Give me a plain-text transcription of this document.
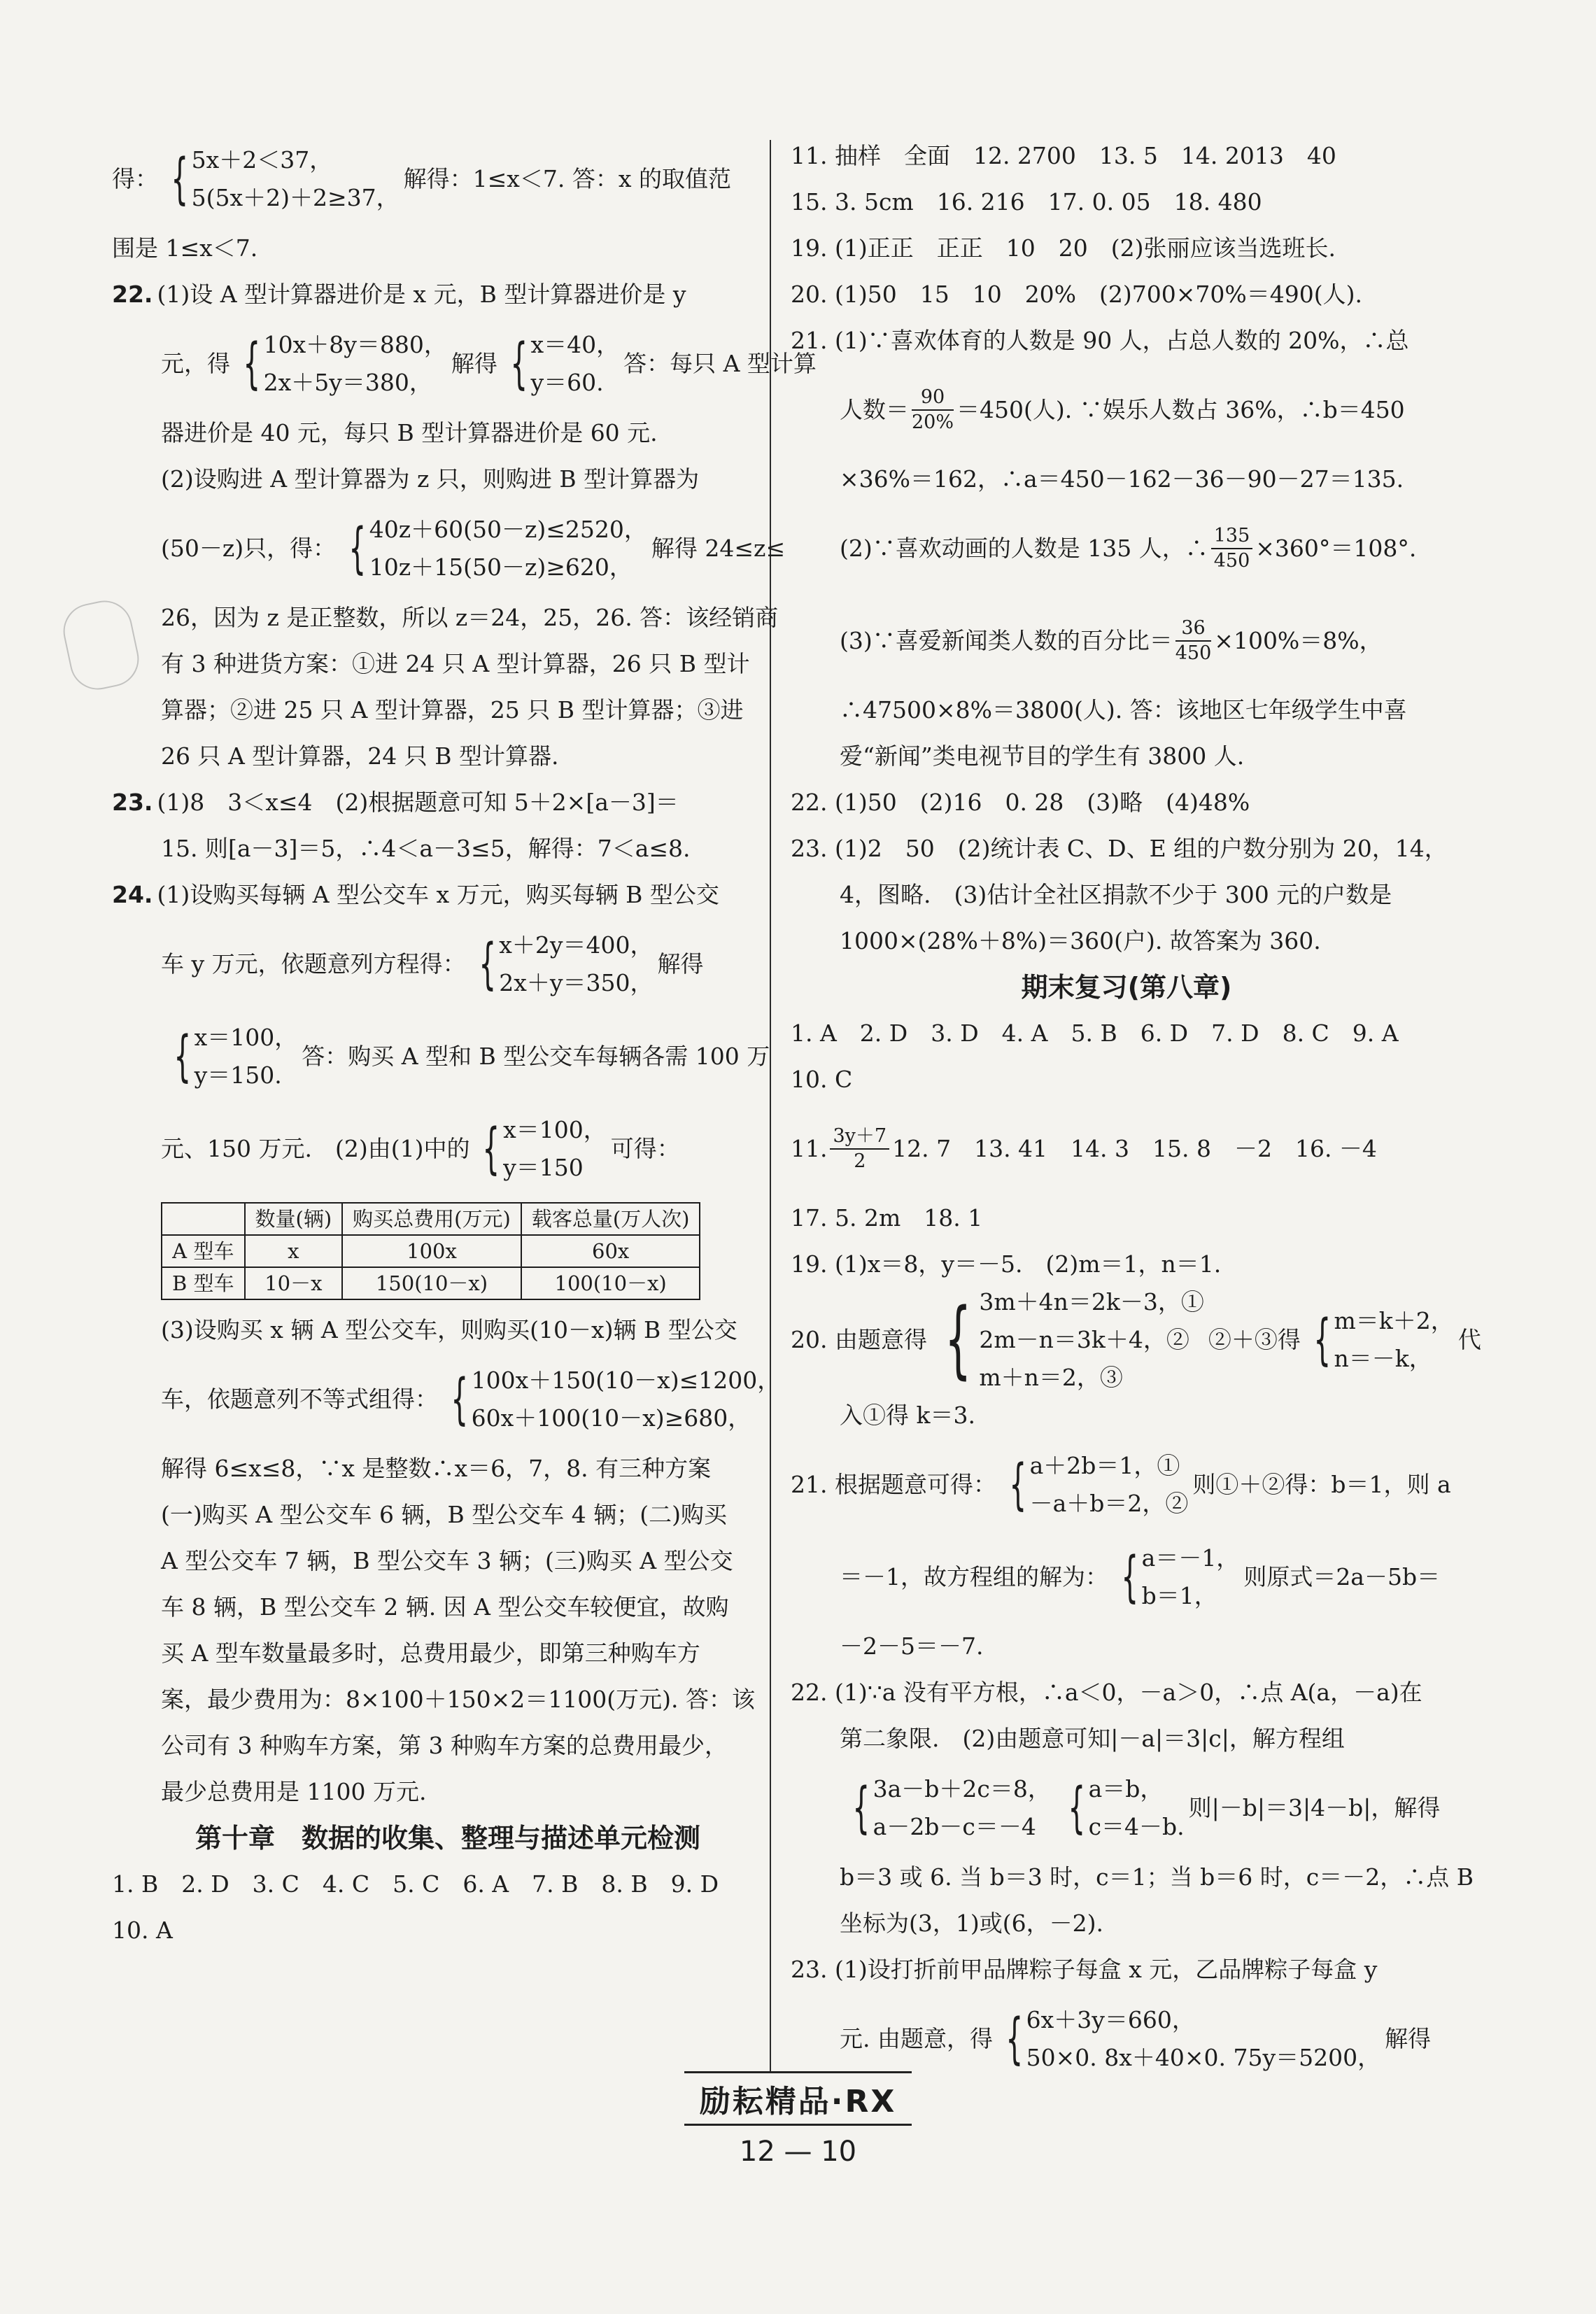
得： { 5x＋2＜37，
5(5x＋2)＋2≥37，
解得：1≤x＜7. 答：x 的取值范
围是 1≤x＜7.
22. (1)设 A 型计算器进价是 x 元，B 型计算器进价是 y
元，得 { 10x＋8y＝880，
2x＋5y＝380，
解得 { x＝40，
y＝60.
答：每只 A 型计算
器进价是 40 元，每只 B 型计算器进价是 60 元.
(2)设购进 A 型计算器为 z 只，则购进 B 型计算器为
(50－z)只，得： { 40z＋60(50－z)≤2520，
10z＋15(50－z)≥620，
解得 24≤z≤
26，因为 z 是正整数，所以 z＝24，25，26. 答：该经销商
有 3 种进货方案：①进 24 只 A 型计算器，26 只 B 型计
算器；②进 25 只 A 型计算器，25 只 B 型计算器；③进
26 只 A 型计算器，24 只 B 型计算器.
23. (1)8　3＜x≤4　(2)根据题意可知 5＋2×[a－3]＝
15. 则[a－3]＝5，∴4＜a－3≤5，解得：7＜a≤8.
24. (1)设购买每辆 A 型公交车 x 万元，购买每辆 B 型公交
车 y 万元，依题意列方程得： { x＋2y＝400，
2x＋y＝350，
解得
{ x＝100，
y＝150.
答：购买 A 型和 B 型公交车每辆各需 100 万
元、150 万元.　(2)由(1)中的 { x＝100，
y＝150
可得：
	数量(辆)	购买总费用(万元)	载客总量(万人次)
A 型车	x	100x	60x
B 型车	10－x	150(10－x)	100(10－x)
(3)设购买 x 辆 A 型公交车，则购买(10－x)辆 B 型公交
车，依题意列不等式组得： { 100x＋150(10－x)≤1200，
60x＋100(10－x)≥680，
解得 6≤x≤8，∵x 是整数∴x＝6，7，8. 有三种方案
(一)购买 A 型公交车 6 辆，B 型公交车 4 辆；(二)购买
A 型公交车 7 辆，B 型公交车 3 辆；(三)购买 A 型公交
车 8 辆，B 型公交车 2 辆. 因 A 型公交车较便宜，故购
买 A 型车数量最多时，总费用最少，即第三种购车方
案，最少费用为：8×100＋150×2＝1100(万元). 答：该
公司有 3 种购车方案，第 3 种购车方案的总费用最少，
最少总费用是 1100 万元.
第十章　数据的收集、整理与描述单元检测
1. B　2. D　3. C　4. C　5. C　6. A　7. B　8. B　9. D
10. A
11. 抽样　全面　12. 2700　13. 5　14. 2013　40
15. 3. 5cm　16. 216　17. 0. 05　18. 480
19. (1)正正　正正　10　20　(2)张丽应该当选班长.
20. (1)50　15　10　20%　(2)700×70%＝490(人).
21. (1)∵喜欢体育的人数是 90 人，占总人数的 20%，∴总
人数＝ $\frac{90}{20\%} =450$(人). ∵娱乐人数占 36%，∴b＝450
×36%＝162，∴a＝450－162－36－90－27＝135.
(2)∵喜欢动画的人数是 135 人，∴ $\frac{135}{450} \times 360^\circ=108^\circ$.
(3)∵喜爱新闻类人数的百分比＝ $\frac{36}{450} \times 100\%=8\%$，
∴47500×8%＝3800(人). 答：该地区七年级学生中喜
爱“新闻”类电视节目的学生有 3800 人.
22. (1)50　(2)16　0. 28　(3)略　(4)48%
23. (1)2　50　(2)统计表 C、D、E 组的户数分别为 20，14，
4，图略.　(3)估计全社区捐款不少于 300 元的户数是
1000×(28%＋8%)＝360(户). 故答案为 360.
期末复习(第八章)
1. A　2. D　3. D　4. A　5. B　6. D　7. D　8. C　9. A
10. C
11. $\frac{3y+7}{2} 12$. 7　13. 41　14. 3　15. 8　－2　16. －4
17. 5. 2m　18. 1
19. (1)x＝8，y＝－5.　(2)m＝1，n＝1.
20. 由题意得 { 3m＋4n＝2k－3，①
2m－n＝3k＋4，②
m＋n＝2，③
②＋③得 { m＝k＋2，
n＝－k，
代
入①得 k＝3.
21. 根据题意可得： { a＋2b＝1，①
－a＋b＝2，②
则①＋②得：b＝1，则 a
＝－1，故方程组的解为： { a＝－1，
b＝1，
则原式＝2a－5b＝
－2－5＝－7.
22. (1)∵a 没有平方根，∴a＜0，－a＞0，∴点 A(a，－a)在
第二象限.　(2)由题意可知|－a|＝3|c|，解方程组
{ 3a－b＋2c＝8，
a－2b－c＝－4 { a＝b，
c＝4－b.
则|－b|＝3|4－b|，解得
b＝3 或 6. 当 b＝3 时，c＝1；当 b＝6 时，c＝－2，∴点 B
坐标为(3，1)或(6，－2).
23. (1)设打折前甲品牌粽子每盒 x 元，乙品牌粽子每盒 y
元. 由题意，得 { 6x＋3y＝660，
50×0. 8x＋40×0. 75y＝5200，
解得
励耘精品·RX
12 — 10
